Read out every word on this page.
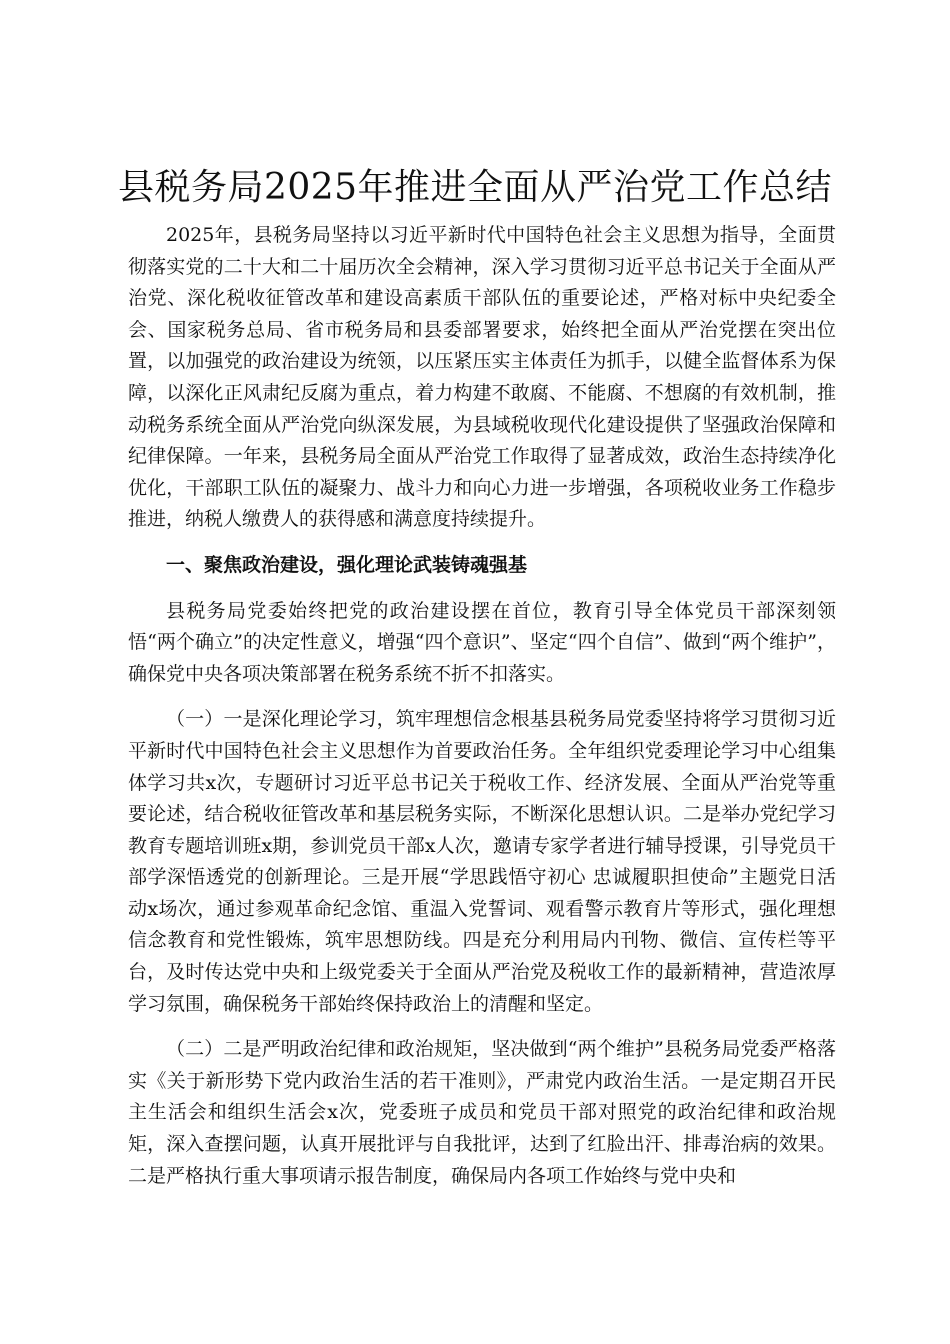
县税务局2025年推进全面从严治党工作总结

2025年，县税务局坚持以习近平新时代中国特色社会主义思想为指导，全面贯彻落实党的二十大和二十届历次全会精神，深入学习贯彻习近平总书记关于全面从严治党、深化税收征管改革和建设高素质干部队伍的重要论述，严格对标中央纪委全会、国家税务总局、省市税务局和县委部署要求，始终把全面从严治党摆在突出位置，以加强党的政治建设为统领，以压紧压实主体责任为抓手，以健全监督体系为保障，以深化正风肃纪反腐为重点，着力构建不敢腐、不能腐、不想腐的有效机制，推动税务系统全面从严治党向纵深发展，为县域税收现代化建设提供了坚强政治保障和纪律保障。一年来，县税务局全面从严治党工作取得了显著成效，政治生态持续净化优化，干部职工队伍的凝聚力、战斗力和向心力进一步增强，各项税收业务工作稳步推进，纳税人缴费人的获得感和满意度持续提升。

一、聚焦政治建设，强化理论武装铸魂强基

县税务局党委始终把党的政治建设摆在首位，教育引导全体党员干部深刻领悟“两个确立”的决定性意义，增强“四个意识”、坚定“四个自信”、做到“两个维护”，确保党中央各项决策部署在税务系统不折不扣落实。

（一）一是深化理论学习，筑牢理想信念根基县税务局党委坚持将学习贯彻习近平新时代中国特色社会主义思想作为首要政治任务。全年组织党委理论学习中心组集体学习共x次，专题研讨习近平总书记关于税收工作、经济发展、全面从严治党等重要论述，结合税收征管改革和基层税务实际，不断深化思想认识。二是举办党纪学习教育专题培训班x期，参训党员干部x人次，邀请专家学者进行辅导授课，引导党员干部学深悟透党的创新理论。三是开展“学思践悟守初心 忠诚履职担使命”主题党日活动x场次，通过参观革命纪念馆、重温入党誓词、观看警示教育片等形式，强化理想信念教育和党性锻炼，筑牢思想防线。四是充分利用局内刊物、微信、宣传栏等平台，及时传达党中央和上级党委关于全面从严治党及税收工作的最新精神，营造浓厚学习氛围，确保税务干部始终保持政治上的清醒和坚定。

（二）二是严明政治纪律和政治规矩，坚决做到“两个维护”县税务局党委严格落实《关于新形势下党内政治生活的若干准则》，严肃党内政治生活。一是定期召开民主生活会和组织生活会x次，党委班子成员和党员干部对照党的政治纪律和政治规矩，深入查摆问题，认真开展批评与自我批评，达到了红脸出汗、排毒治病的效果。二是严格执行重大事项请示报告制度，确保局内各项工作始终与党中央和
